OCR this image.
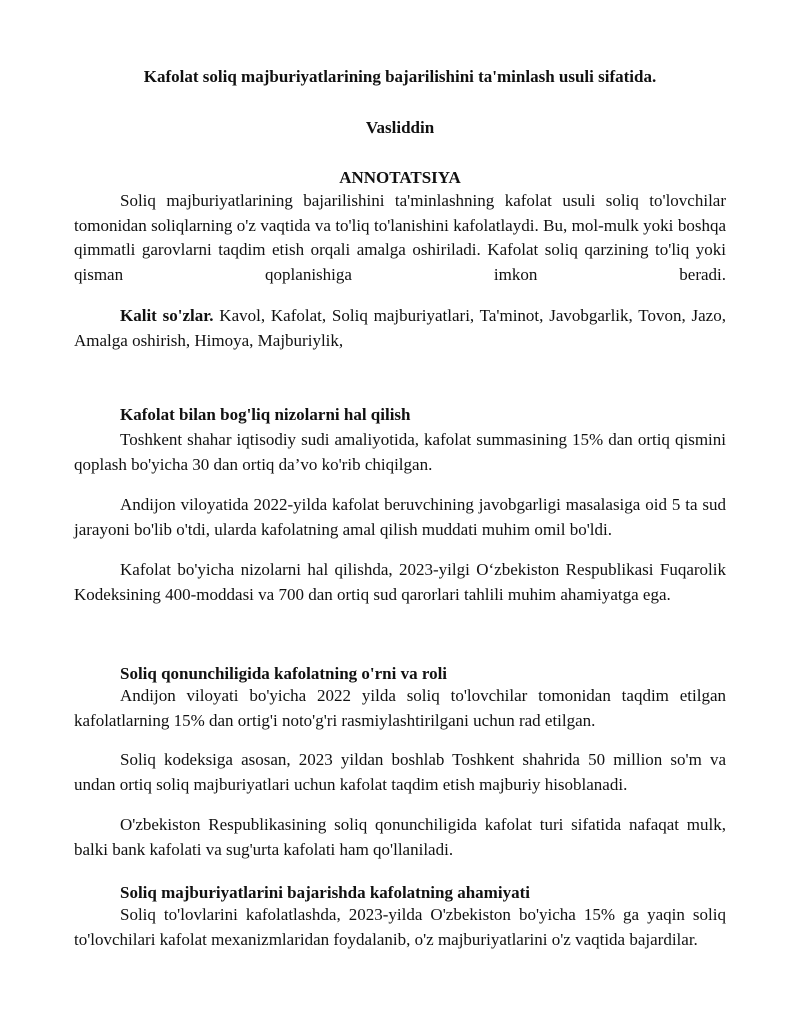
Kafolat soliq majburiyatlarining bajarilishini ta'minlash usuli sifatida.
Vasliddin
ANNOTATSIYA

Soliq majburiyatlarining bajarilishini ta'minlashning kafolat usuli soliq to'lovchilar tomonidan soliqlarning o'z vaqtida va to'liq to'lanishini kafolatlaydi. Bu, mol-mulk yoki boshqa qimmatli garovlarni taqdim etish orqali amalga oshiriladi. Kafolat soliq qarzining to'liq yoki qisman qoplanishiga imkon beradi.

Kalit so'zlar. Kavol, Kafolat, Soliq majburiyatlari, Ta'minot, Javobgarlik, Tovon, Jazo, Amalga oshirish, Himoya, Majburiylik,

Kafolat bilan bog'liq nizolarni hal qilish

Toshkent shahar iqtisodiy sudi amaliyotida, kafolat summasining 15% dan ortiq qismini qoplash bo'yicha 30 dan ortiq da’vo ko'rib chiqilgan.

Andijon viloyatida 2022-yilda kafolat beruvchining javobgarligi masalasiga oid 5 ta sud jarayoni bo'lib o'tdi, ularda kafolatning amal qilish muddati muhim omil bo'ldi.

Kafolat bo'yicha nizolarni hal qilishda, 2023-yilgi O‘zbekiston Respublikasi Fuqarolik Kodeksining 400-moddasi va 700 dan ortiq sud qarorlari tahlili muhim ahamiyatga ega.

Soliq qonunchiligida kafolatning o'rni va roli

Andijon viloyati bo'yicha 2022 yilda soliq to'lovchilar tomonidan taqdim etilgan kafolatlarning 15% dan ortig'i noto'g'ri rasmiylashtirilgani uchun rad etilgan.

Soliq kodeksiga asosan, 2023 yildan boshlab Toshkent shahrida 50 million so'm va undan ortiq soliq majburiyatlari uchun kafolat taqdim etish majburiy hisoblanadi.

O'zbekiston Respublikasining soliq qonunchiligida kafolat turi sifatida nafaqat mulk, balki bank kafolati va sug'urta kafolati ham qo'llaniladi.

Soliq majburiyatlarini bajarishda kafolatning ahamiyati

Soliq to'lovlarini kafolatlashda, 2023-yilda O'zbekiston bo'yicha 15% ga yaqin soliq to'lovchilari kafolat mexanizmlaridan foydalanib, o'z majburiyatlarini o'z vaqtida bajardilar.
